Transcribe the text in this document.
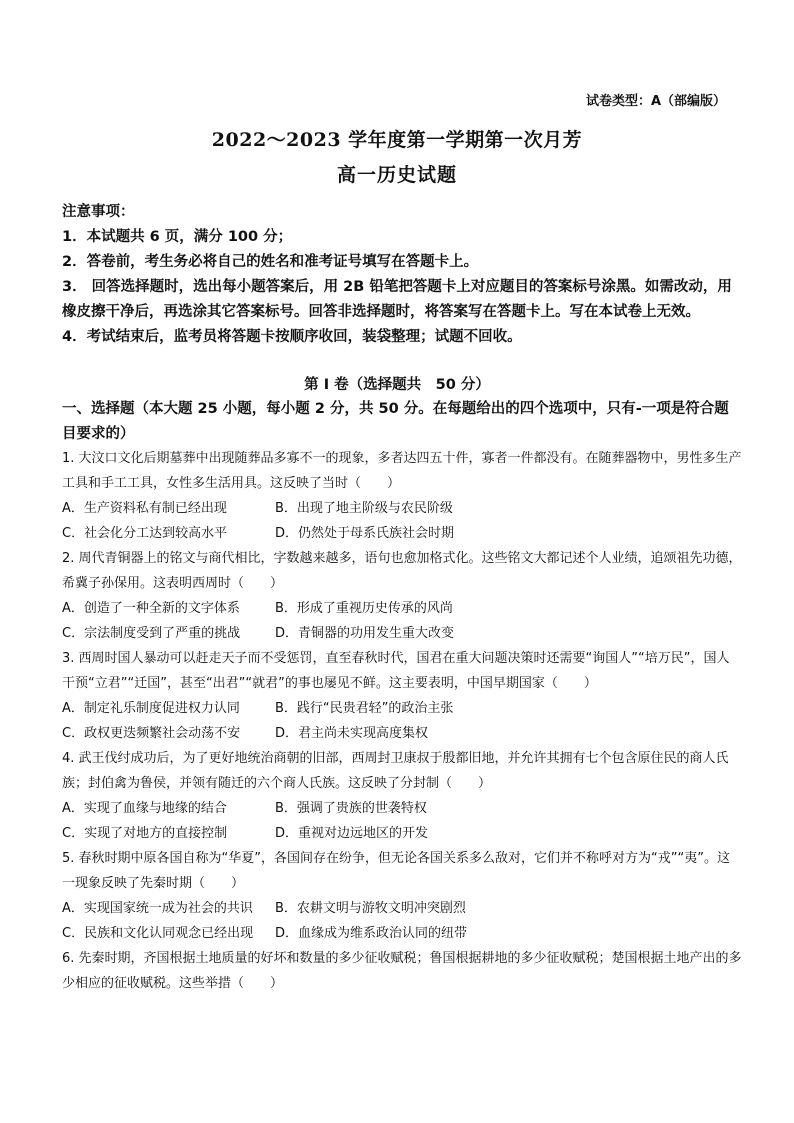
试卷类型：A（部编版）
2022～2023 学年度第一学期第一次月芳
高一历史试题

注意事项：

1．本试题共 6 页，满分 100 分；

2．答卷前，考生务必将自己的姓名和准考证号填写在答题卡上。

3． 回答选择题时，选出每小题答案后，用 2B 铅笔把答题卡上对应题目的答案标号涂黑。如需改动，用橡皮擦干净后，再选涂其它答案标号。回答非选择题时，将答案写在答题卡上。写在本试卷上无效。

4．考试结束后，监考员将答题卡按顺序收回，装袋整理；试题不回收。

第 I 卷（选择题共　50 分）
一、选择题（本大题 25 小题，每小题 2 分，共 50 分。在每题给出的四个选项中，只有-一项是符合题目要求的）

1. 大汶口文化后期墓葬中出现随葬品多寡不一的现象，多者达四五十件，寡者一件都没有。在随葬器物中，男性多生产工具和手工工具，女性多生活用具。这反映了当时（　　）

A．生产资料私有制已经出现	B．出现了地主阶级与农民阶级
C．社会化分工达到较高水平	D．仍然处于母系氏族社会时期

2. 周代青铜器上的铭文与商代相比，字数越来越多，语句也愈加格式化。这些铭文大都记述个人业绩，追颂祖先功德，希冀子孙保用。这表明西周时（　　）

A．创造了一种全新的文字体系	B．形成了重视历史传承的风尚
C．宗法制度受到了严重的挑战	D．青铜器的功用发生重大改变

3. 西周时国人暴动可以赶走天子而不受惩罚，直至春秋时代，国君在重大问题决策时还需要“询国人”“培万民”，国人干预“立君”“迁国”，甚至“出君”“就君”的事也屡见不鲜。这主要表明，中国早期国家（　　）

A．制定礼乐制度促进权力认同	B．践行“民贵君轻”的政治主张
C．政权更迭频繁社会动荡不安	D．君主尚未实现高度集权

4. 武王伐纣成功后，为了更好地统治商朝的旧部，西周封卫康叔于殷都旧地，并允许其拥有七个包含原住民的商人氏族；封伯禽为鲁侯，并领有随迁的六个商人氏族。这反映了分封制（　　）

A．实现了血缘与地缘的结合	B．强调了贵族的世袭特权
C．实现了对地方的直接控制	D．重视对边远地区的开发

5. 春秋时期中原各国自称为“华夏”，各国间存在纷争，但无论各国关系多么敌对，它们并不称呼对方为“戎”“夷”。这一现象反映了先秦时期（　　）

A．实现国家统一成为社会的共识	B．农耕文明与游牧文明冲突剧烈
C．民族和文化认同观念已经出现	D．血缘成为维系政治认同的纽带

6. 先秦时期，齐国根据土地质量的好坏和数量的多少征收赋税；鲁国根据耕地的多少征收赋税；楚国根据土地产出的多少相应的征收赋税。这些举措（　　）
